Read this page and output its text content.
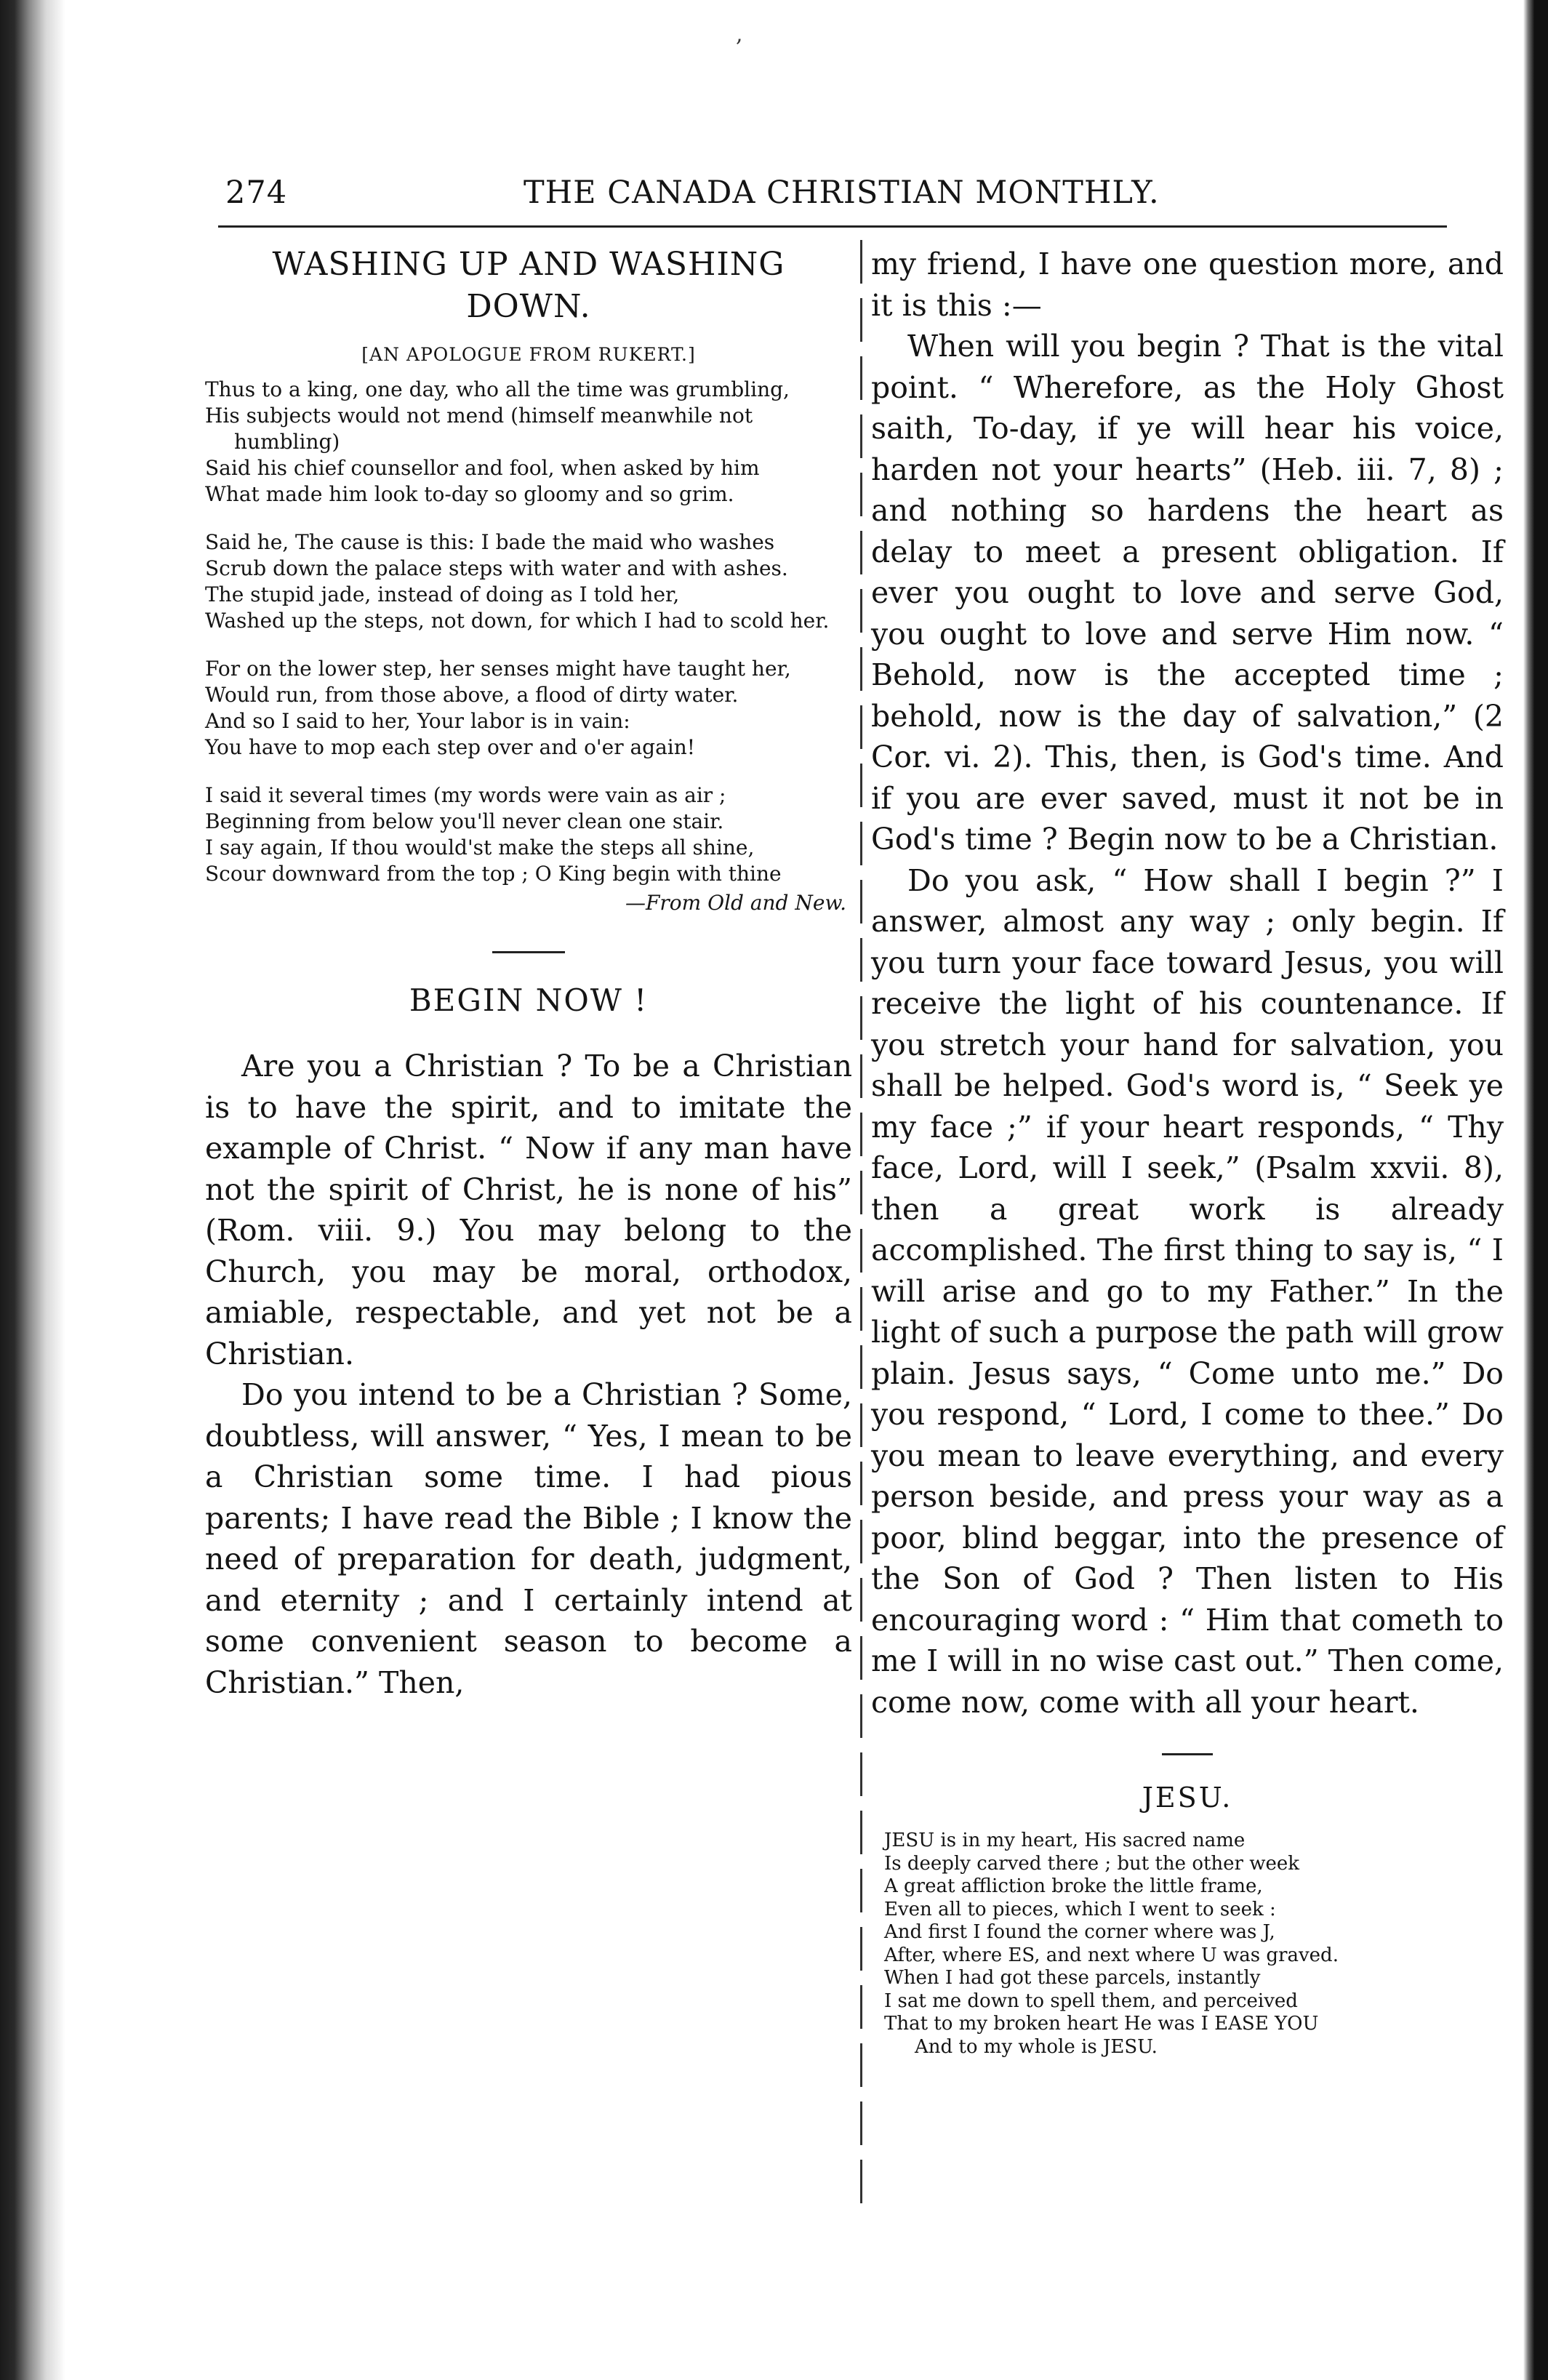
,
274	THE CANADA CHRISTIAN MONTHLY.
WASHING UP AND WASHING DOWN.
[AN APOLOGUE FROM RUKERT.]
Thus to a king, one day, who all the time was grumbling,
His subjects would not mend (himself meanwhile not humbling)
Said his chief counsellor and fool, when asked by him
What made him look to-day so gloomy and so grim.
Said he, The cause is this: I bade the maid who washes
Scrub down the palace steps with water and with ashes.
The stupid jade, instead of doing as I told her,
Washed up the steps, not down, for which I had to scold her.
For on the lower step, her senses might have taught her,
Would run, from those above, a flood of dirty water.
And so I said to her, Your labor is in vain:
You have to mop each step over and o'er again!
I said it several times (my words were vain as air ;
Beginning from below you'll never clean one stair.
I say again, If thou would'st make the steps all shine,
Scour downward from the top ; O King begin with thine
—From Old and New.
BEGIN NOW !

Are you a Christian ? To be a Christian is to have the spirit, and to imitate the example of Christ. “ Now if any man have not the spirit of Christ, he is none of his” (Rom. viii. 9.) You may belong to the Church, you may be moral, orthodox, amiable, respectable, and yet not be a Christian.

Do you intend to be a Christian ? Some, doubtless, will answer, “ Yes, I mean to be a Christian some time. I had pious parents; I have read the Bible ; I know the need of preparation for death, judgment, and eternity ; and I certainly intend at some convenient season to become a Christian.” Then,

my friend, I have one question more, and it is this :—

When will you begin ? That is the vital point. “ Wherefore, as the Holy Ghost saith, To-day, if ye will hear his voice, harden not your hearts” (Heb. iii. 7, 8) ; and nothing so hardens the heart as delay to meet a present obligation. If ever you ought to love and serve God, you ought to love and serve Him now. “ Behold, now is the accepted time ; behold, now is the day of salvation,” (2 Cor. vi. 2). This, then, is God's time. And if you are ever saved, must it not be in God's time ? Begin now to be a Christian.

Do you ask, “ How shall I begin ?” I answer, almost any way ; only begin. If you turn your face toward Jesus, you will receive the light of his countenance. If you stretch your hand for salvation, you shall be helped. God's word is, “ Seek ye my face ;” if your heart responds, “ Thy face, Lord, will I seek,” (Psalm xxvii. 8), then a great work is already accomplished. The first thing to say is, “ I will arise and go to my Father.” In the light of such a purpose the path will grow plain. Jesus says, “ Come unto me.” Do you respond, “ Lord, I come to thee.” Do you mean to leave everything, and every person beside, and press your way as a poor, blind beggar, into the presence of the Son of God ? Then listen to His encouraging word : “ Him that cometh to me I will in no wise cast out.” Then come, come now, come with all your heart.

JESU.
JESU is in my heart, His sacred name
Is deeply carved there ; but the other week
A great affliction broke the little frame,
Even all to pieces, which I went to seek :
And first I found the corner where was J,
After, where ES, and next where U was graved.
When I had got these parcels, instantly
I sat me down to spell them, and perceived
That to my broken heart He was I EASE YOU
And to my whole is JESU.
